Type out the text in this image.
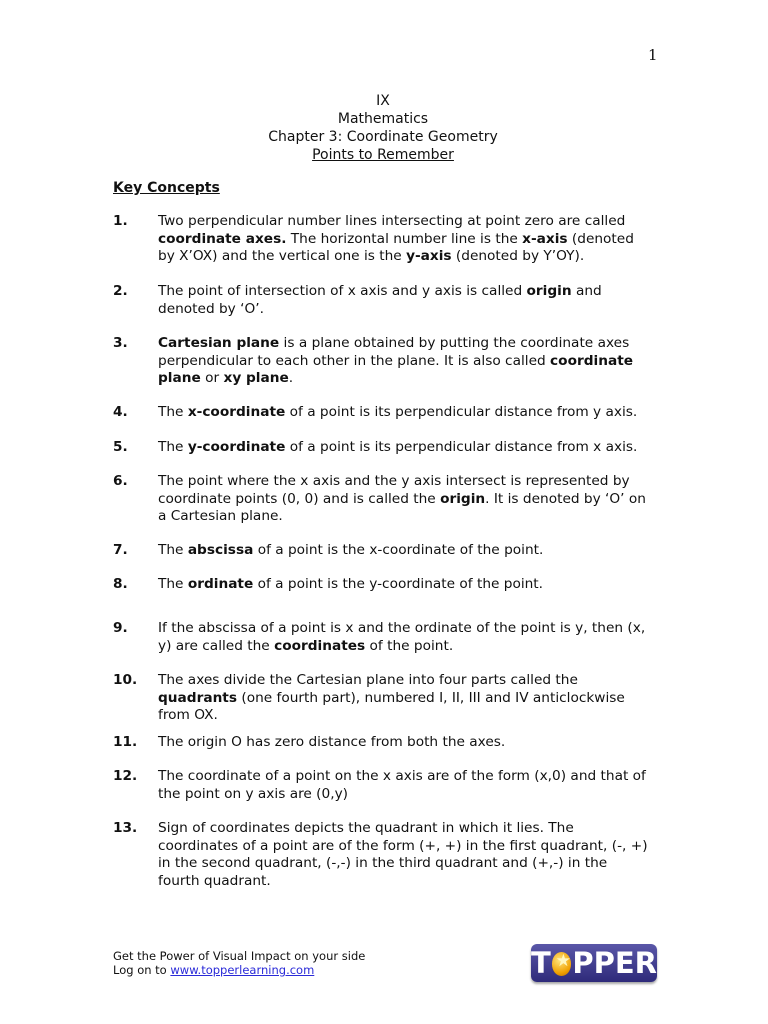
1
IX
Mathematics
Chapter 3: Coordinate Geometry
Points to Remember
Key Concepts
1. Two perpendicular number lines intersecting at point zero are called coordinate axes. The horizontal number line is the x-axis (denoted by X’OX) and the vertical one is the y-axis (denoted by Y’OY).
2. The point of intersection of x axis and y axis is called origin and denoted by ‘O’.
3. Cartesian plane is a plane obtained by putting the coordinate axes perpendicular to each other in the plane. It is also called coordinate plane or xy plane.
4. The x-coordinate of a point is its perpendicular distance from y axis.
5. The y-coordinate of a point is its perpendicular distance from x axis.
6. The point where the x axis and the y axis intersect is represented by coordinate points (0, 0) and is called the origin. It is denoted by ‘O’ on a Cartesian plane.
7. The abscissa of a point is the x-coordinate of the point.
8. The ordinate of a point is the y-coordinate of the point.
9. If the abscissa of a point is x and the ordinate of the point is y, then (x, y) are called the coordinates of the point.
10. The axes divide the Cartesian plane into four parts called the quadrants (one fourth part), numbered I, II, III and IV anticlockwise from OX.
11. The origin O has zero distance from both the axes.
12. The coordinate of a point on the x axis are of the form (x,0) and that of the point on y axis are (0,y)
13. Sign of coordinates depicts the quadrant in which it lies. The coordinates of a point are of the form (+, +) in the first quadrant, (-, +) in the second quadrant, (-,-) in the third quadrant and (+,-) in the fourth quadrant.
Get the Power of Visual Impact on your side
Log on to www.topperlearning.com	T
★ PPER
